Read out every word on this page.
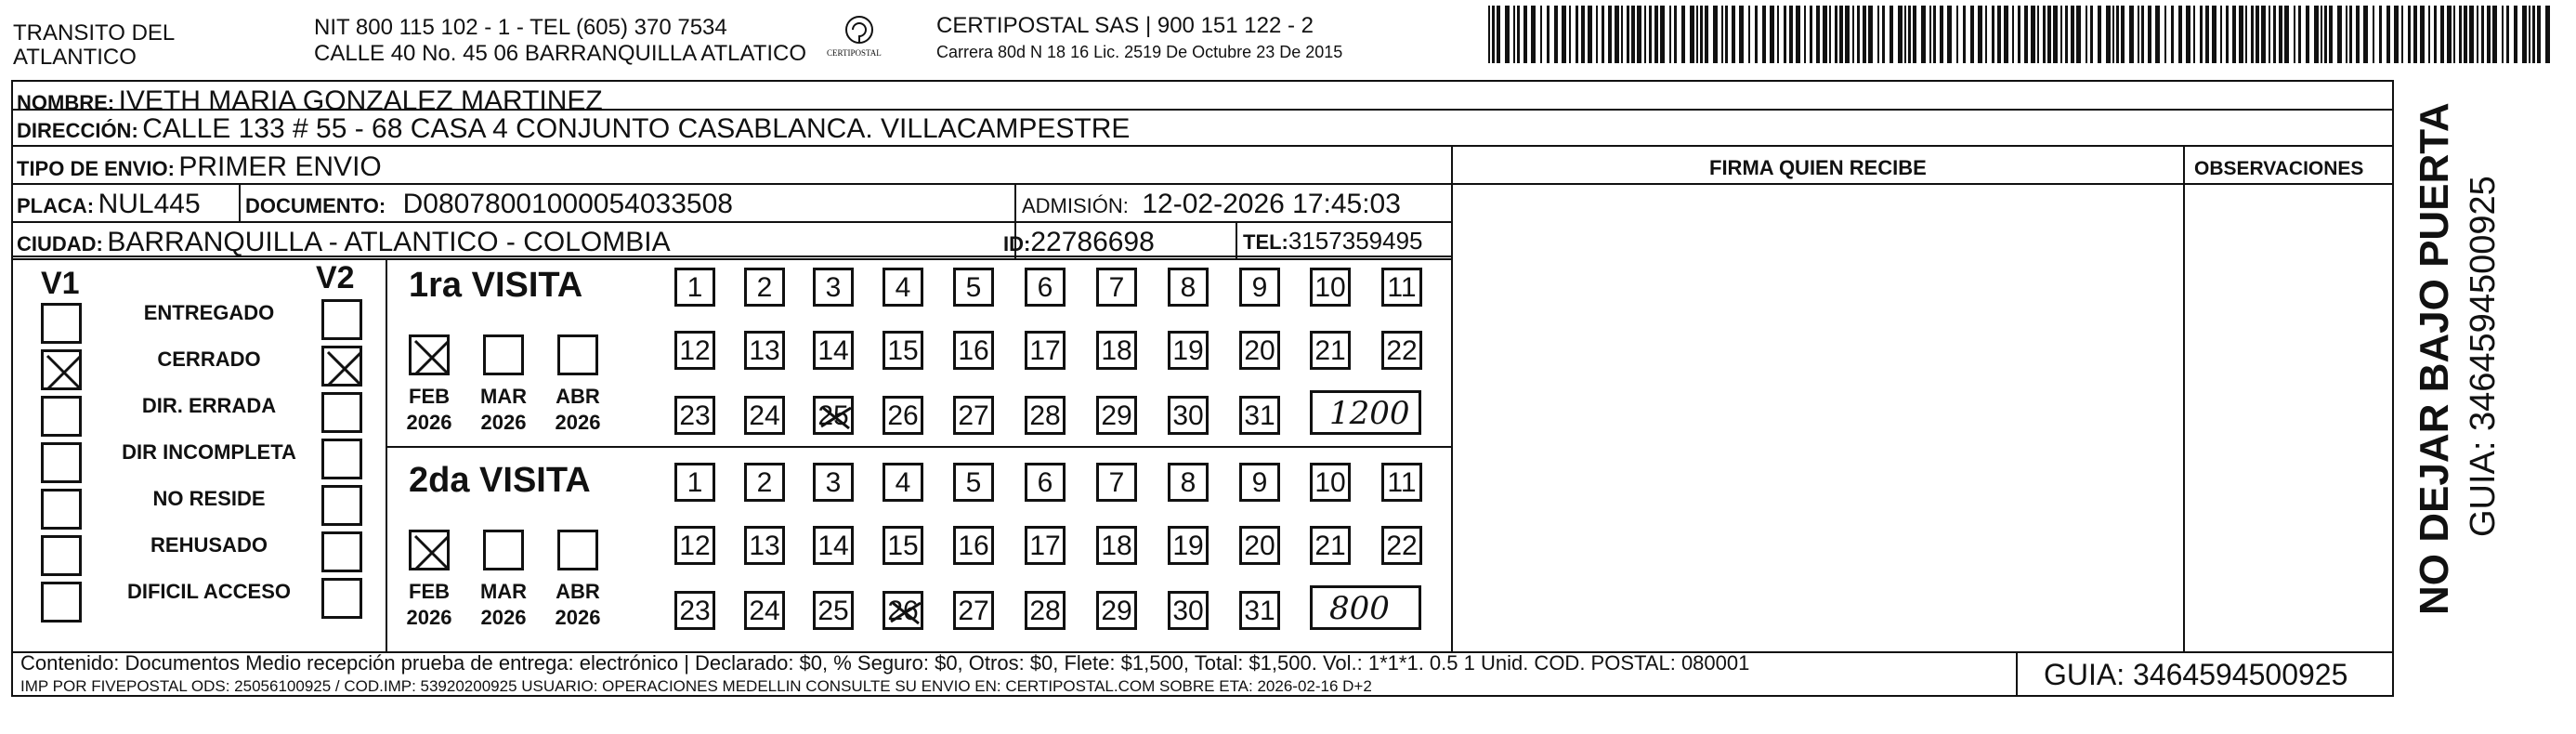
TRANSITO DEL
ATLANTICO
NIT 800 115 102 - 1 - TEL (605) 370 7534
CALLE 40 No. 45 06 BARRANQUILLA ATLATICO CERTIPOSTAL
CERTIPOSTAL SAS | 900 151 122 - 2
Carrera 80d N 18 16 Lic. 2519 De Octubre 23 De 2015
NOMBRE: IVETH MARIA GONZALEZ MARTINEZ
DIRECCIÓN: CALLE 133 # 55 - 68 CASA 4 CONJUNTO CASABLANCA. VILLACAMPESTRE
TIPO DE ENVIO: PRIMER ENVIO
PLACA: NUL445 DOCUMENTO: D08078001000054033508	ADMISIÓN: 12-02-2026 17:45:03
CIUDAD: BARRANQUILLA - ATLANTICO - COLOMBIA	ID:22786698	TEL:3157359495
FIRMA QUIEN RECIBE	OBSERVACIONES
V1	V2
ENTREGADO
CERRADO
DIR. ERRADA
DIR INCOMPLETA
NO RESIDE
REHUSADO
DIFICIL ACCESO
1ra VISITA
2da VISITA
FEB
2026
MAR
2026
ABR
2026
1	2	3	4	5	6	7	8	9	10 11
12 13 14 15 16 17 18 19 20 21 22
23 24 25 26 27 28 29 30 31 1200
FEB
2026
MAR
2026
ABR
2026
1	2	3	4	5	6	7	8	9	10 11
12 13 14 15 16 17 18 19 20 21 22
23 24 25 26 27 28 29 30 31 800
Contenido: Documentos Medio recepción prueba de entrega: electrónico | Declarado: $0, % Seguro: $0, Otros: $0, Flete: $1,500, Total: $1,500. Vol.: 1*1*1. 0.5 1 Unid. COD. POSTAL: 080001
IMP POR FIVEPOSTAL ODS: 25056100925 / COD.IMP: 53920200925 USUARIO: OPERACIONES MEDELLIN CONSULTE SU ENVIO EN: CERTIPOSTAL.COM SOBRE ETA: 2026-02-16 D+2	GUIA: 3464594500925
NO DEJAR BAJO PUERTA GUIA: 3464594500925
